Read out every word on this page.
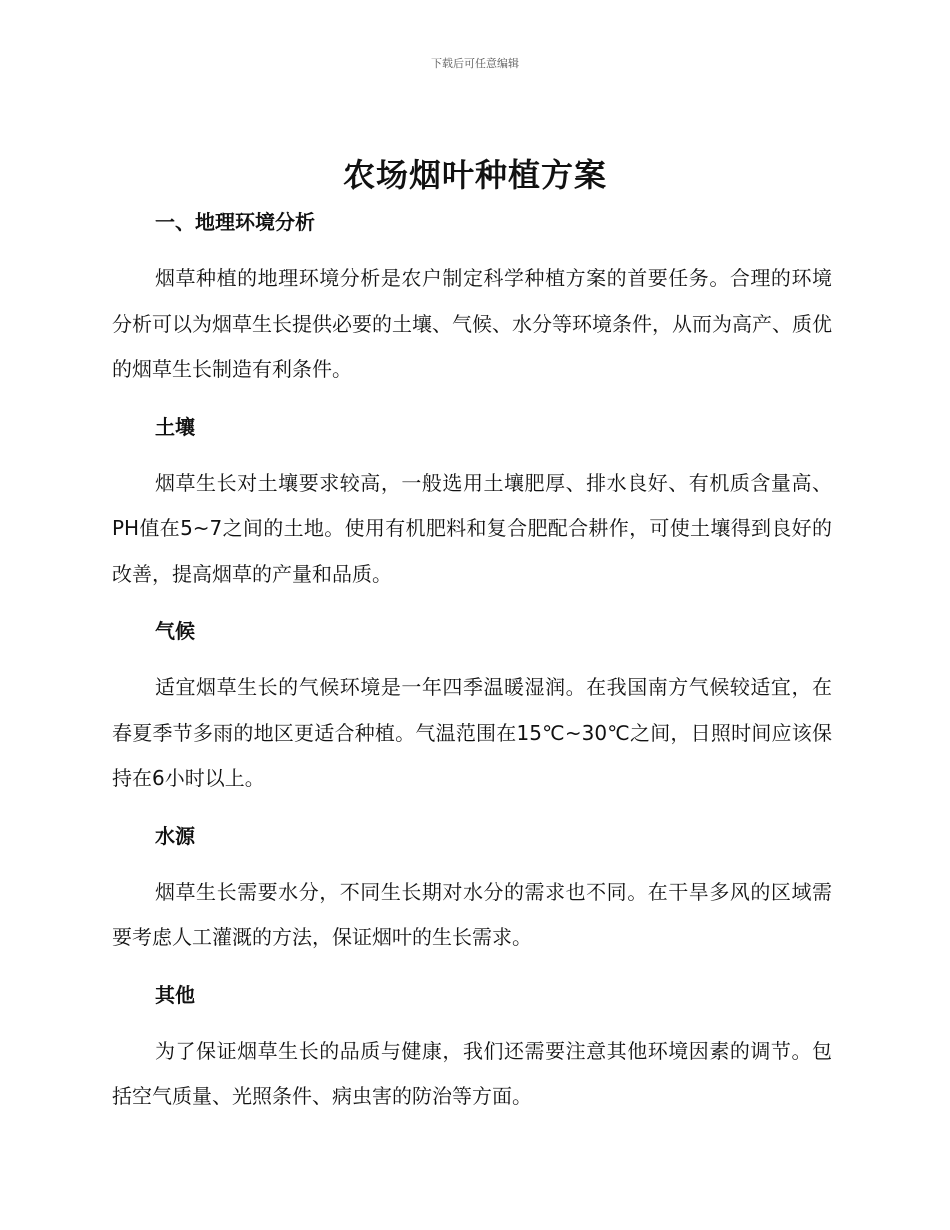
下载后可任意编辑
农场烟叶种植方案
一、地理环境分析

烟草种植的地理环境分析是农户制定科学种植方案的首要任务。合理的环境分析可以为烟草生长提供必要的土壤、气候、水分等环境条件，从而为高产、质优的烟草生长制造有利条件。

土壤

烟草生长对土壤要求较高，一般选用土壤肥厚、排水良好、有机质含量高、PH值在5~7之间的土地。使用有机肥料和复合肥配合耕作，可使土壤得到良好的改善，提高烟草的产量和品质。

气候

适宜烟草生长的气候环境是一年四季温暖湿润。在我国南方气候较适宜，在春夏季节多雨的地区更适合种植。气温范围在15℃~30℃之间，日照时间应该保持在6小时以上。

水源

烟草生长需要水分，不同生长期对水分的需求也不同。在干旱多风的区域需要考虑人工灌溉的方法，保证烟叶的生长需求。

其他

为了保证烟草生长的品质与健康，我们还需要注意其他环境因素的调节。包括空气质量、光照条件、病虫害的防治等方面。
